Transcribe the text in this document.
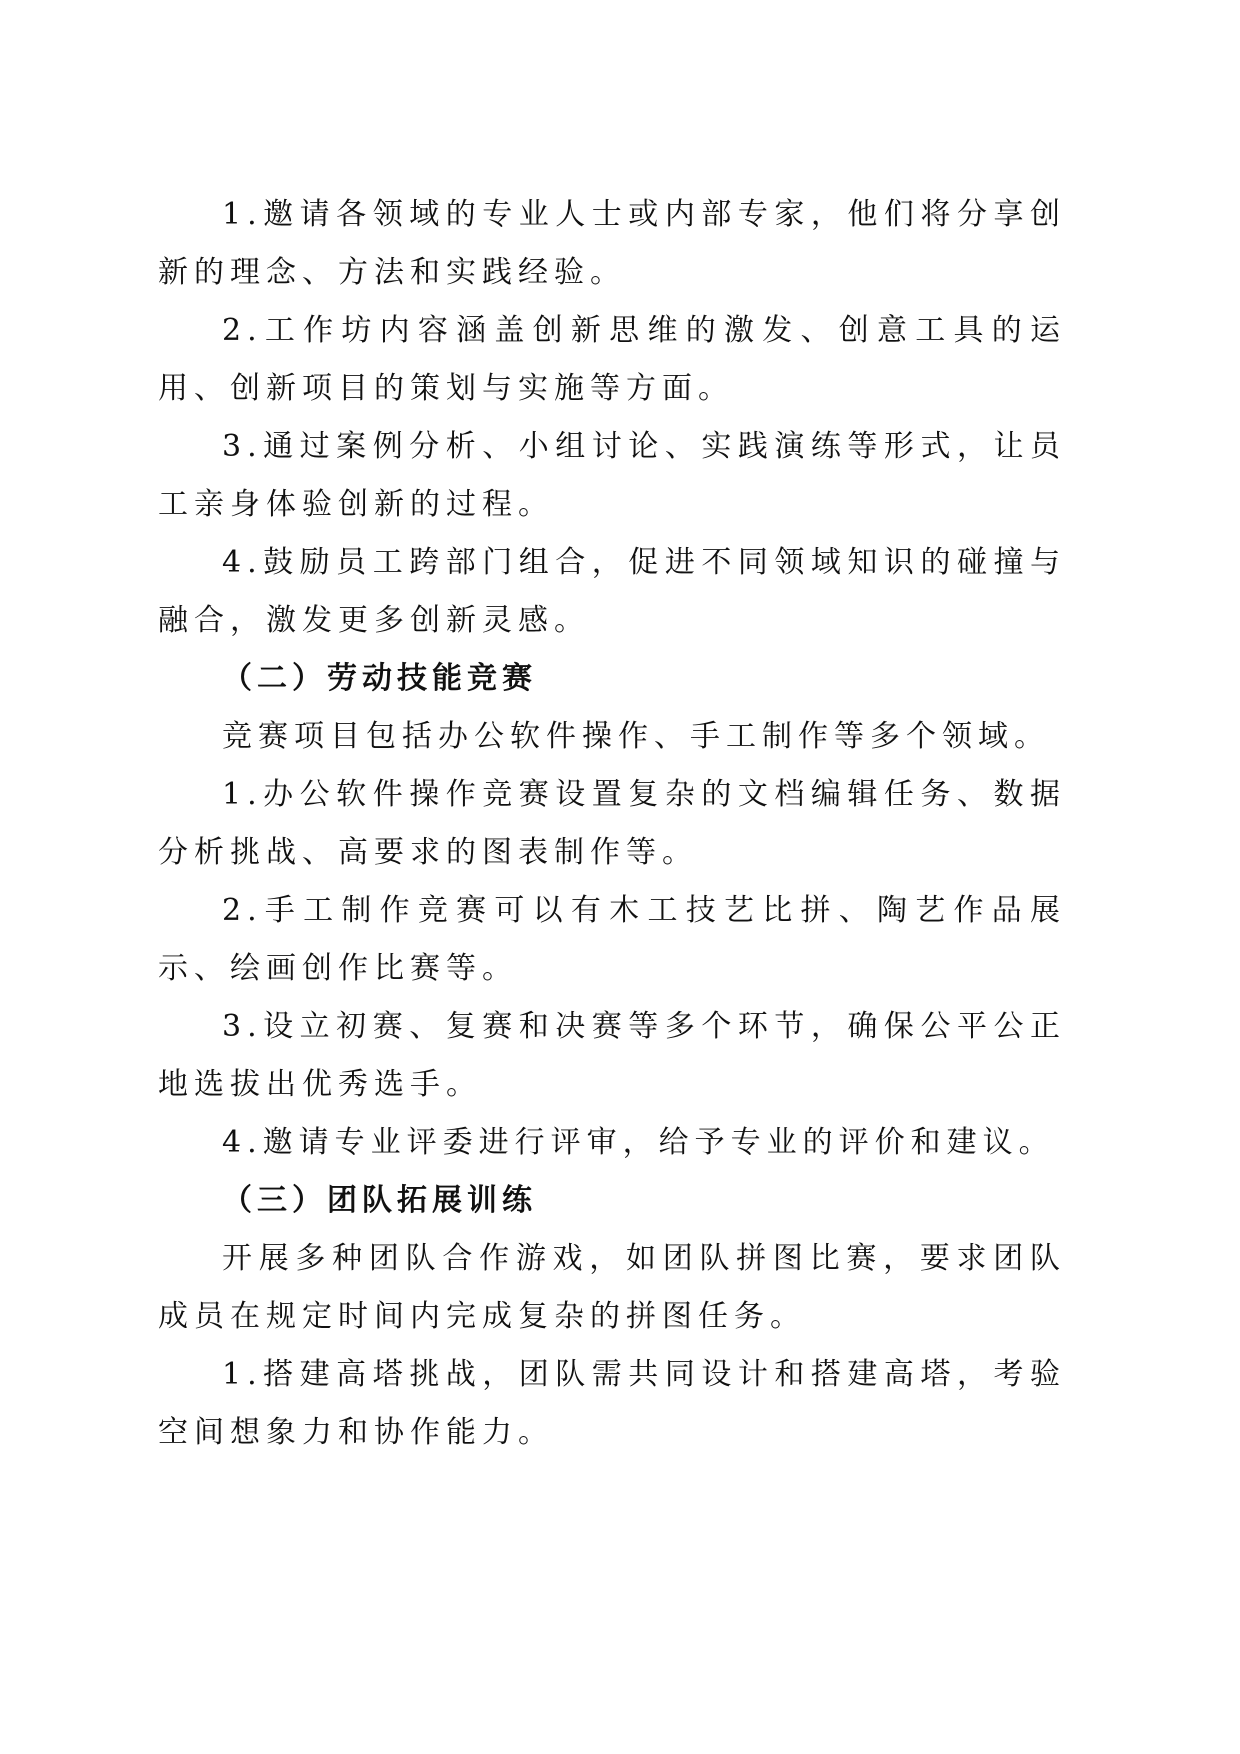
1.邀请各领域的专业人士或内部专家，他们将分享创新的理念、方法和实践经验。

2.工作坊内容涵盖创新思维的激发、创意工具的运用、创新项目的策划与实施等方面。

3.通过案例分析、小组讨论、实践演练等形式，让员工亲身体验创新的过程。

4.鼓励员工跨部门组合，促进不同领域知识的碰撞与融合，激发更多创新灵感。

（二）劳动技能竞赛

竞赛项目包括办公软件操作、手工制作等多个领域。

1.办公软件操作竞赛设置复杂的文档编辑任务、数据分析挑战、高要求的图表制作等。

2.手工制作竞赛可以有木工技艺比拼、陶艺作品展示、绘画创作比赛等。

3.设立初赛、复赛和决赛等多个环节，确保公平公正地选拔出优秀选手。

4.邀请专业评委进行评审，给予专业的评价和建议。

（三）团队拓展训练

开展多种团队合作游戏，如团队拼图比赛，要求团队成员在规定时间内完成复杂的拼图任务。

1.搭建高塔挑战，团队需共同设计和搭建高塔，考验空间想象力和协作能力。
